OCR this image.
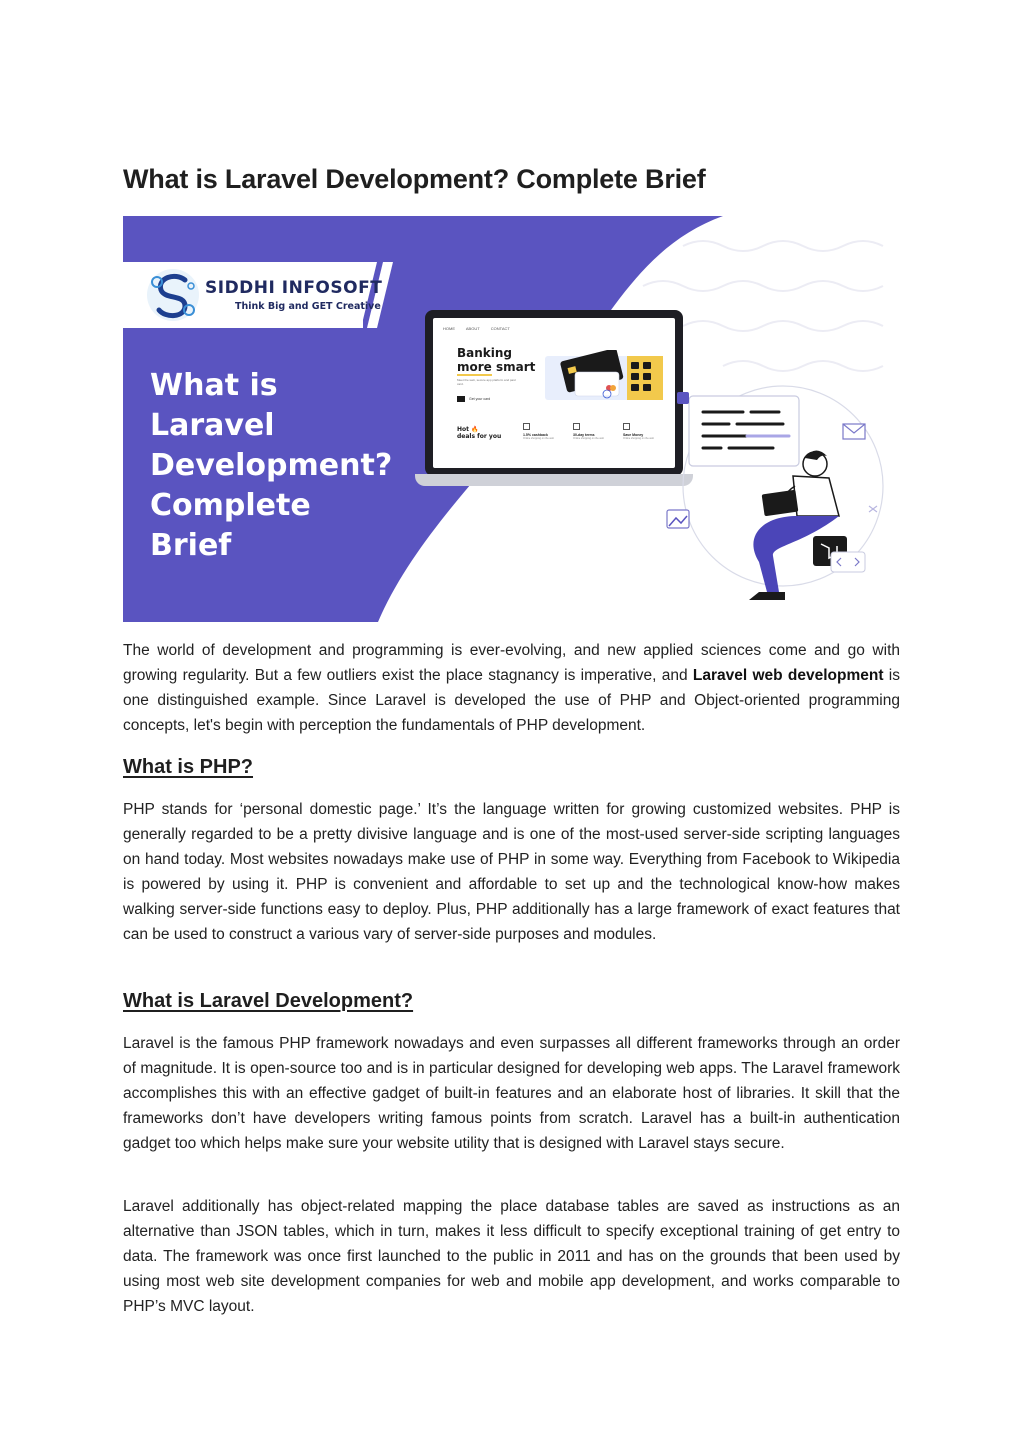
What is Laravel Development? Complete Brief
SIDDHI INFOSOFT
Think Big and GET Creative
What is
Laravel
Development?
Complete
Brief
HOME	ABOUT	CONTACT
Banking
more smart
Meet the web, secure app platform and paid card.
Get your card
Hot 🔥
deals for you	1.5% cashback
Online shopping on the web
30-day terms
Online shopping on the web
Save Money
Online shopping on the web

The world of development and programming is ever-evolving, and new applied sciences come and go with growing regularity. But a few outliers exist the place stagnancy is imperative, and Laravel web development is one distinguished example. Since Laravel is developed the use of PHP and Object-oriented programming concepts, let's begin with perception the fundamentals of PHP development.

What is PHP?

PHP stands for ‘personal domestic page.’ It’s the language written for growing customized websites. PHP is generally regarded to be a pretty divisive language and is one of the most-used server-side scripting languages on hand today. Most websites nowadays make use of PHP in some way. Everything from Facebook to Wikipedia is powered by using it. PHP is convenient and affordable to set up and the technological know-how makes walking server-side functions easy to deploy. Plus, PHP additionally has a large framework of exact features that can be used to construct a various vary of server-side purposes and modules.

What is Laravel Development?

Laravel is the famous PHP framework nowadays and even surpasses all different frameworks through an order of magnitude. It is open-source too and is in particular designed for developing web apps. The Laravel framework accomplishes this with an effective gadget of built-in features and an elaborate host of libraries. It skill that the frameworks don’t have developers writing famous points from scratch. Laravel has a built-in authentication gadget too which helps make sure your website utility that is designed with Laravel stays secure.

Laravel additionally has object-related mapping the place database tables are saved as instructions as an alternative than JSON tables, which in turn, makes it less difficult to specify exceptional training of get entry to data. The framework was once first launched to the public in 2011 and has on the grounds that been used by using most web site development companies for web and mobile app development, and works comparable to PHP’s MVC layout.
